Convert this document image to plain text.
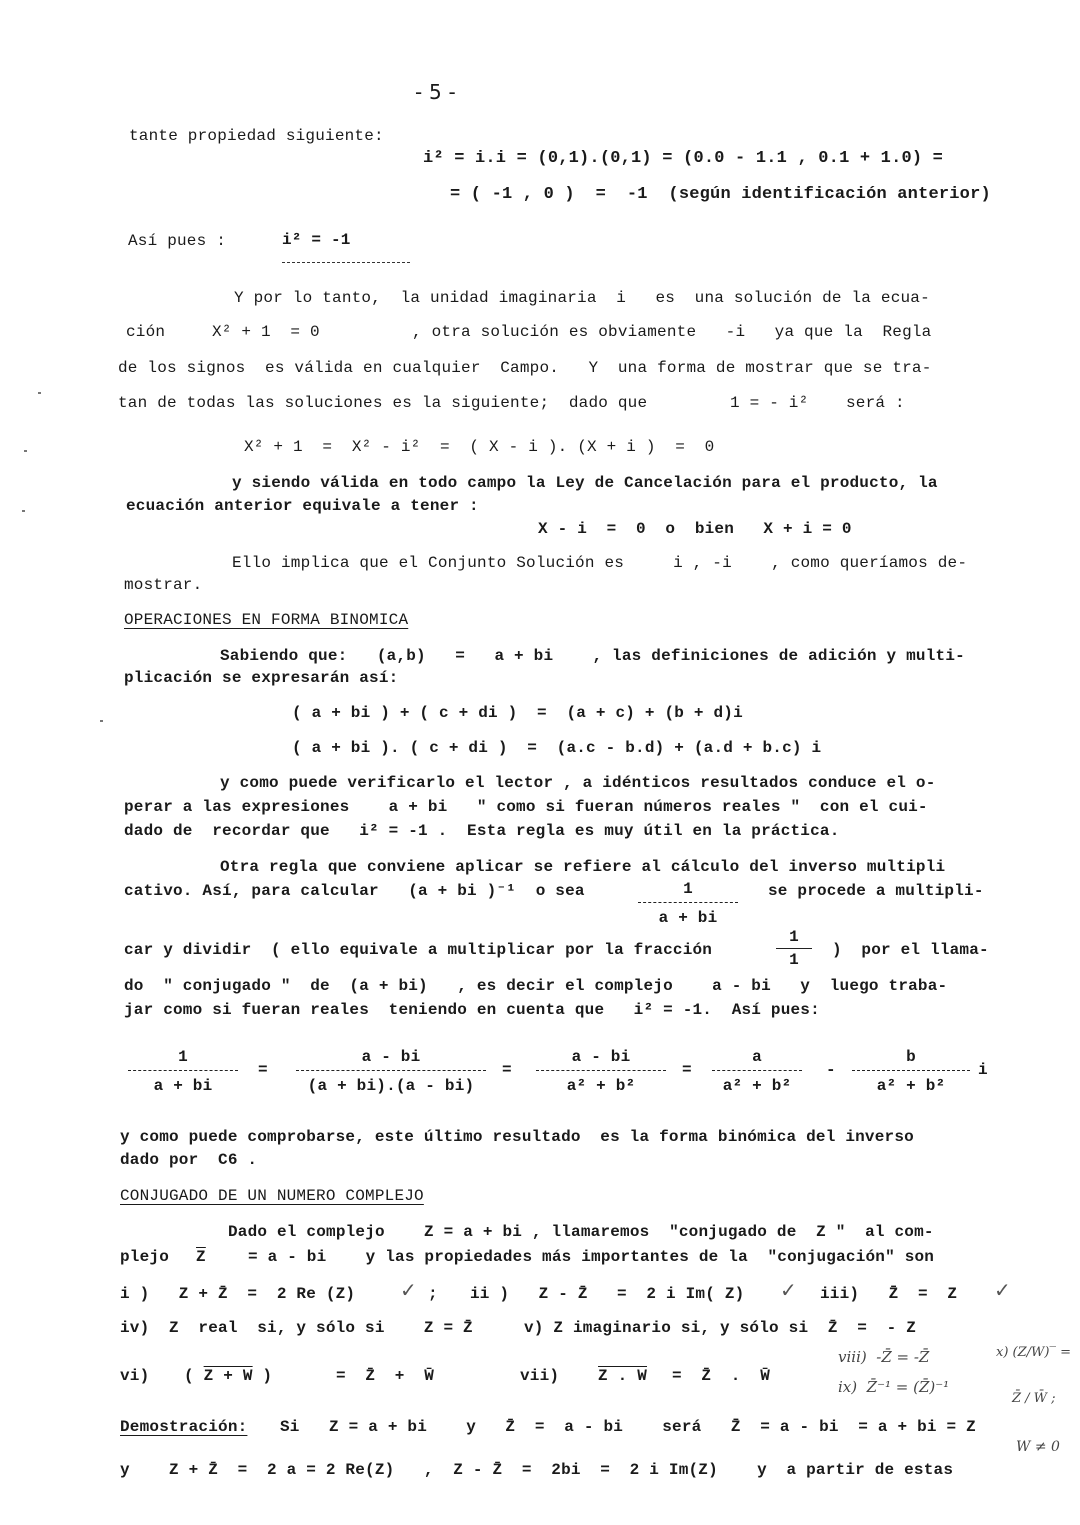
- 5 -
tante propiedad siguiente:
i² = i.i = (0,1).(0,1) = (0.0 - 1.1 , 0.1 + 1.0) =
= ( -1 , 0 )  =  -1  (según identificación anterior)
Así pues :	i² = -1
Y por lo tanto,  la unidad imaginaria  i   es  una solución de la ecua-
ción	X² + 1  = 0	, otra solución es obviamente   -i   ya que la  Regla
de los signos  es válida en cualquier  Campo.   Y  una forma de mostrar que se tra-
tan de todas las soluciones es la siguiente;  dado que	1 = - i² será :
X² + 1  =  X² - i²  =  ( X - i ). (X + i )  =  0
y siendo válida en todo campo la Ley de Cancelación para el producto, la
ecuación anterior equivale a tener :
X - i  =  0  o  bien   X + i = 0
Ello implica que el Conjunto Solución es     i , -i    , como queríamos de-
mostrar.
OPERACIONES EN FORMA BINOMICA
Sabiendo que:   (a,b)   =   a + bi    , las definiciones de adición y multi-
plicación se expresarán así:
( a + bi ) + ( c + di )  =  (a + c) + (b + d)i
( a + bi ). ( c + di )  =  (a.c - b.d) + (a.d + b.c) i
y como puede verificarlo el lector , a idénticos resultados conduce el o-
perar a las expresiones    a + bi   " como si fueran números reales "  con el cui-
dado de  recordar que   i² = -1 .  Esta regla es muy útil en la práctica.
Otra regla que conviene aplicar se refiere al cálculo del inverso multipli
cativo. Así, para calcular   (a + bi )⁻¹  o sea	$\frac{1}{a + bi}$ se procede a multipli-
car y dividir  ( ello equivale a multiplicar por la fracción	$\frac{1}{1}$ )  por el llama-
do  " conjugado "  de  (a + bi)   , es decir el complejo    a - bi   y  luego traba-
jar como si fueran reales  teniendo en cuenta que   i² = -1.  Así pues:
$\frac{1}{a + bi} = \frac{a - bi}{(a + bi).(a - bi)} = \frac{a - bi}{\text{a² + b²}} = \frac{a}{\text{a² + b²}} - \frac{b}{\text{a² + b²}}$ i
y como puede comprobarse, este último resultado  es la forma binómica del inverso
dado por  C6 .
CONJUGADO DE UN NUMERO COMPLEJO
Dado el complejo    Z = a + bi , llamaremos  "conjugado de  Z "  al com-
plejo $\overline{Z}$	= a - bi    y las propiedades más importantes de la  "conjugación" son
i )   Z + Z̄  =  2 Re (Z) ✓ ; ii )   Z - Z̄   =  2 i Im( Z) ✓ iii)   Z̄̄  =  Z ✓
iv)  Z  real  si, y sólo si    Z = Z̄	v) Z imaginario si, y sólo si  Z̄  =  - Z
vi) ( Z + W )	=  Z̄  +  W̄	vii) Z . W =  Z̄  .  W̄
viii)  -Z̄ = -Z̄
ix)  Z̄⁻¹ = (Z̄)⁻¹
x) (Z/W)‾ =
Z̄ / W̄ ;
W ≠ 0
Demostración: Si   Z = a + bi    y   Z̄  =  a - bi    será   Z̄̄  = a - bi  = a + bi = Z
y    Z + Z̄  =  2 a = 2 Re(Z)   ,  Z - Z̄  =  2bi  =  2 i Im(Z)    y  a partir de estas
